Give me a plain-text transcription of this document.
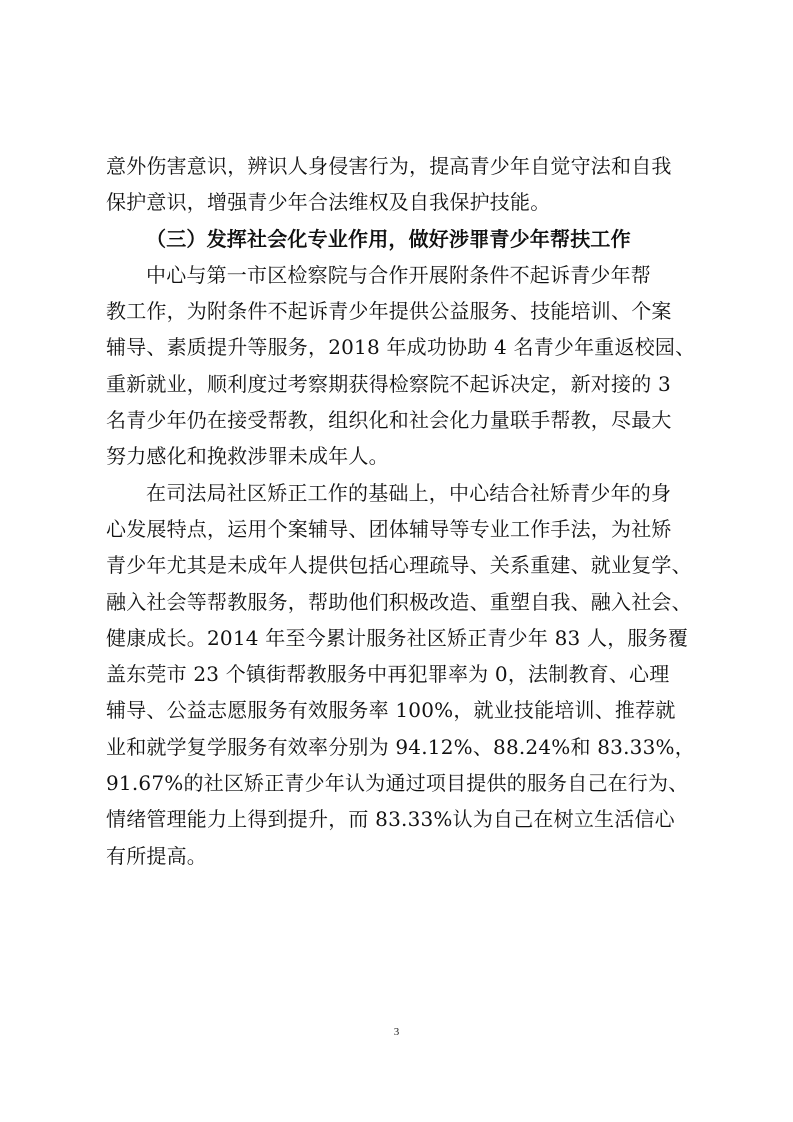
意外伤害意识，辨识人身侵害行为，提高青少年自觉守法和自我
保护意识，增强青少年合法维权及自我保护技能。
（三）发挥社会化专业作用，做好涉罪青少年帮扶工作
中心与第一市区检察院与合作开展附条件不起诉青少年帮
教工作，为附条件不起诉青少年提供公益服务、技能培训、个案
辅导、素质提升等服务，2018 年成功协助 4 名青少年重返校园、
重新就业，顺利度过考察期获得检察院不起诉决定，新对接的 3
名青少年仍在接受帮教，组织化和社会化力量联手帮教，尽最大
努力感化和挽救涉罪未成年人。
在司法局社区矫正工作的基础上，中心结合社矫青少年的身
心发展特点，运用个案辅导、团体辅导等专业工作手法，为社矫
青少年尤其是未成年人提供包括心理疏导、关系重建、就业复学、
融入社会等帮教服务，帮助他们积极改造、重塑自我、融入社会、
健康成长。2014 年至今累计服务社区矫正青少年 83 人，服务覆
盖东莞市 23 个镇街帮教服务中再犯罪率为 0，法制教育、心理
辅导、公益志愿服务有效服务率 100%，就业技能培训、推荐就
业和就学复学服务有效率分别为 94.12%、88.24%和 83.33%，
91.67%的社区矫正青少年认为通过项目提供的服务自己在行为、
情绪管理能力上得到提升，而 83.33%认为自己在树立生活信心
有所提高。
3
